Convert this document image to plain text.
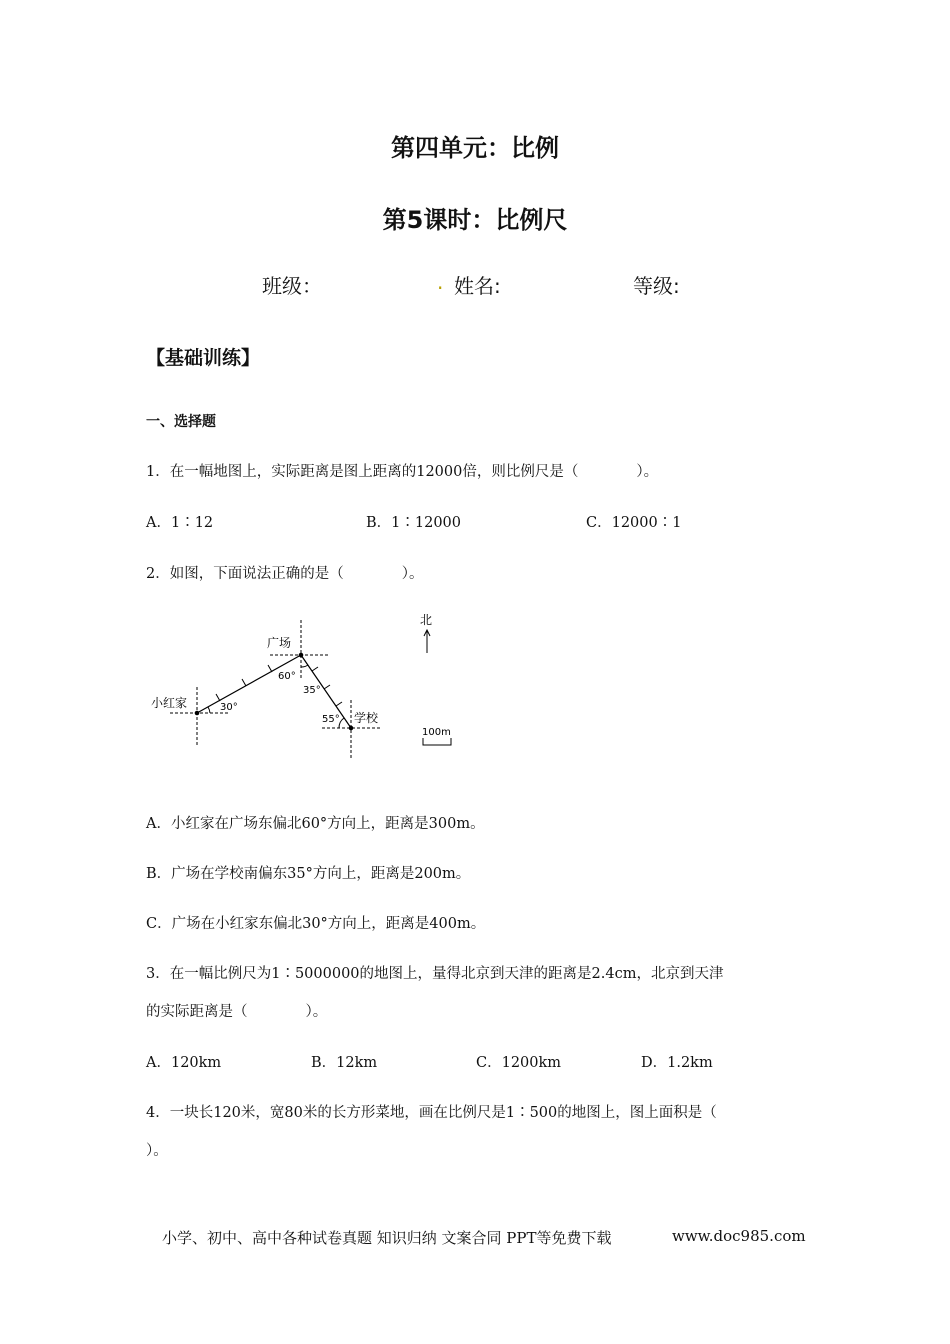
第四单元：比例
第5课时：比例尺
班级：	. 姓名:	等级:
【基础训练】
一、选择题
1．在一幅地图上，实际距离是图上距离的12000倍，则比例尺是（　　　　）。
A．1∶12	B．1∶12000	C．12000∶1
2．如图，下面说法正确的是（　　　　）。
广场
小红家
学校
30°
60°
35°
55°
北
100m
A．小红家在广场东偏北60°方向上，距离是300m。
B．广场在学校南偏东35°方向上，距离是200m。
C．广场在小红家东偏北30°方向上，距离是400m。
3．在一幅比例尺为1∶5000000的地图上，量得北京到天津的距离是2.4cm，北京到天津
的实际距离是（　　　　）。
A．120km	B．12km	C．1200km	D．1.2km
4．一块长120米，宽80米的长方形菜地，画在比例尺是1∶500的地图上，图上面积是（
）。
小学、初中、高中各种试卷真题 知识归纳 文案合同 PPT等免费下载	www.doc985.com
